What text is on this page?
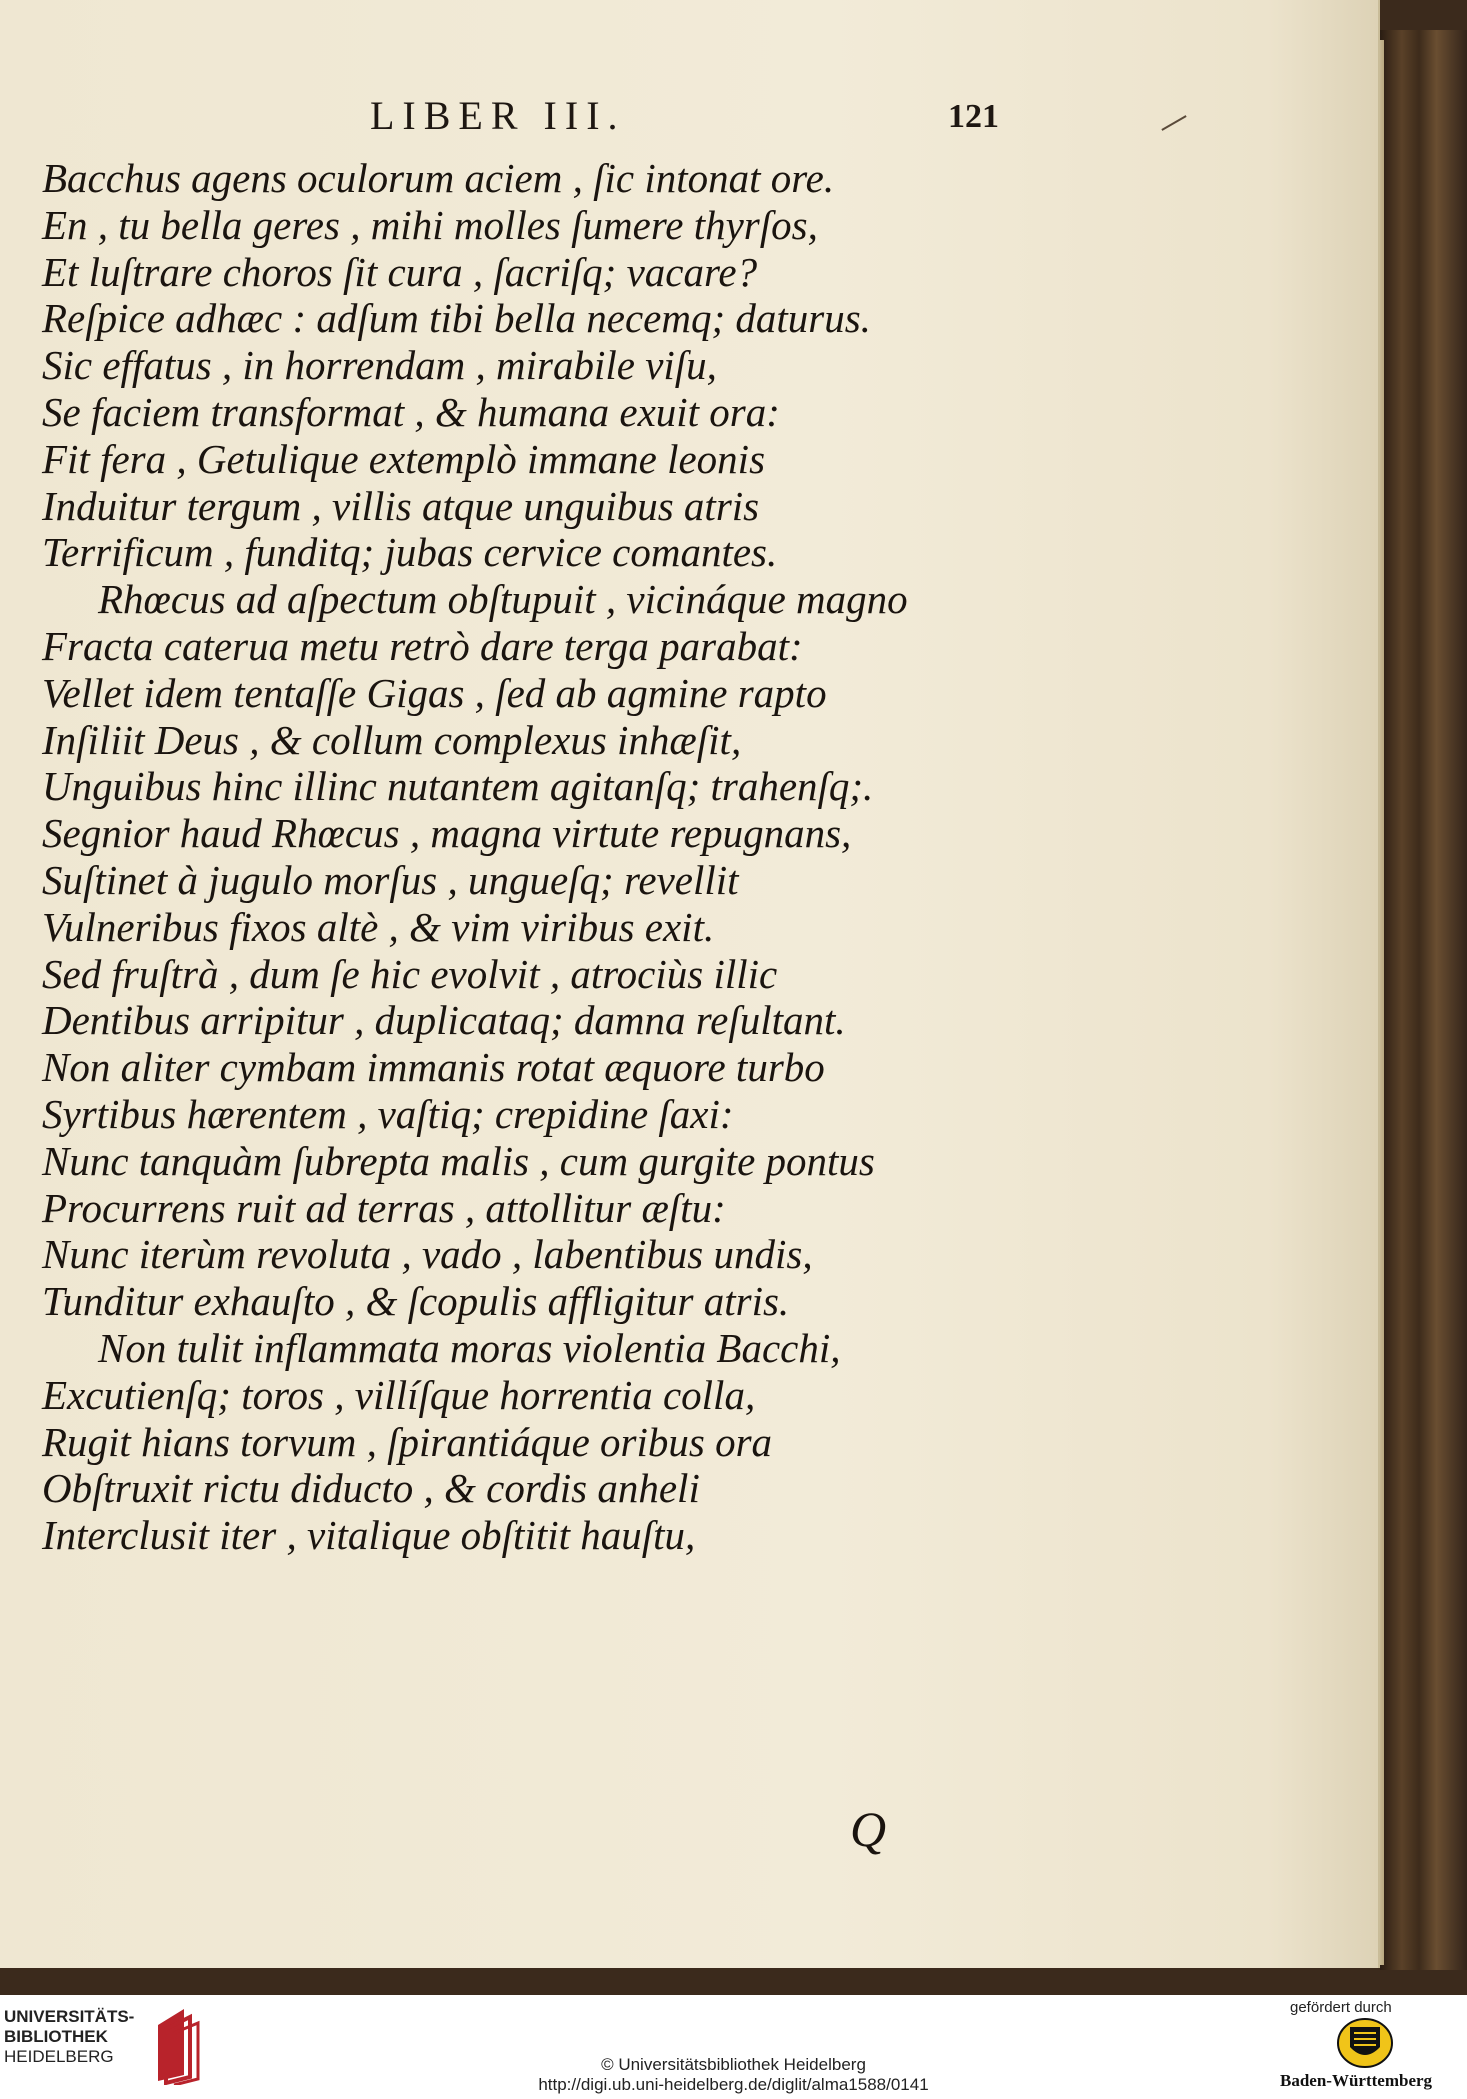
LIBER III.	121
Bacchus agens oculorum aciem , ſic intonat ore.
En , tu bella geres , mihi molles ſumere thyrſos,
Et luſtrare choros ſit cura , ſacriſq; vacare?
Reſpice adhæc : adſum tibi bella necemq; daturus.
Sic effatus , in horrendam , mirabile viſu,
Se faciem transformat , & humana exuit ora:
Fit fera , Getulique extemplò immane leonis
Induitur tergum , villis atque unguibus atris
Terrificum , funditq; jubas cervice comantes.
Rhœcus ad aſpectum obſtupuit , vicináque magno
Fracta caterua metu retrò dare terga parabat:
Vellet idem tentaſſe Gigas , ſed ab agmine rapto
Inſiliit Deus , & collum complexus inhæſit,
Unguibus hinc illinc nutantem agitanſq; trahenſq;.
Segnior haud Rhœcus , magna virtute repugnans,
Suſtinet à jugulo morſus , ungueſq; revellit
Vulneribus fixos altè , & vim viribus exit.
Sed fruſtrà , dum ſe hic evolvit , atrociùs illic
Dentibus arripitur , duplicataq; damna reſultant.
Non aliter cymbam immanis rotat æquore turbo
Syrtibus hærentem , vaſtiq; crepidine ſaxi:
Nunc tanquàm ſubrepta malis , cum gurgite pontus
Procurrens ruit ad terras , attollitur æſtu:
Nunc iterùm revoluta , vado , labentibus undis,
Tunditur exhauſto , & ſcopulis affligitur atris.
Non tulit inflammata moras violentia Bacchi,
Excutienſq; toros , villíſque horrentia colla,
Rugit hians torvum , ſpirantiáque oribus ora
Obſtruxit rictu diducto , & cordis anheli
Interclusit iter , vitalique obſtitit hauſtu,
Q
UNIVERSITÄTS-
BIBLIOTHEK
HEIDELBERG	© Universitätsbibliothek Heidelberg
http://digi.ub.uni-heidelberg.de/diglit/alma1588/0141
gefördert durch
Baden-Württemberg
